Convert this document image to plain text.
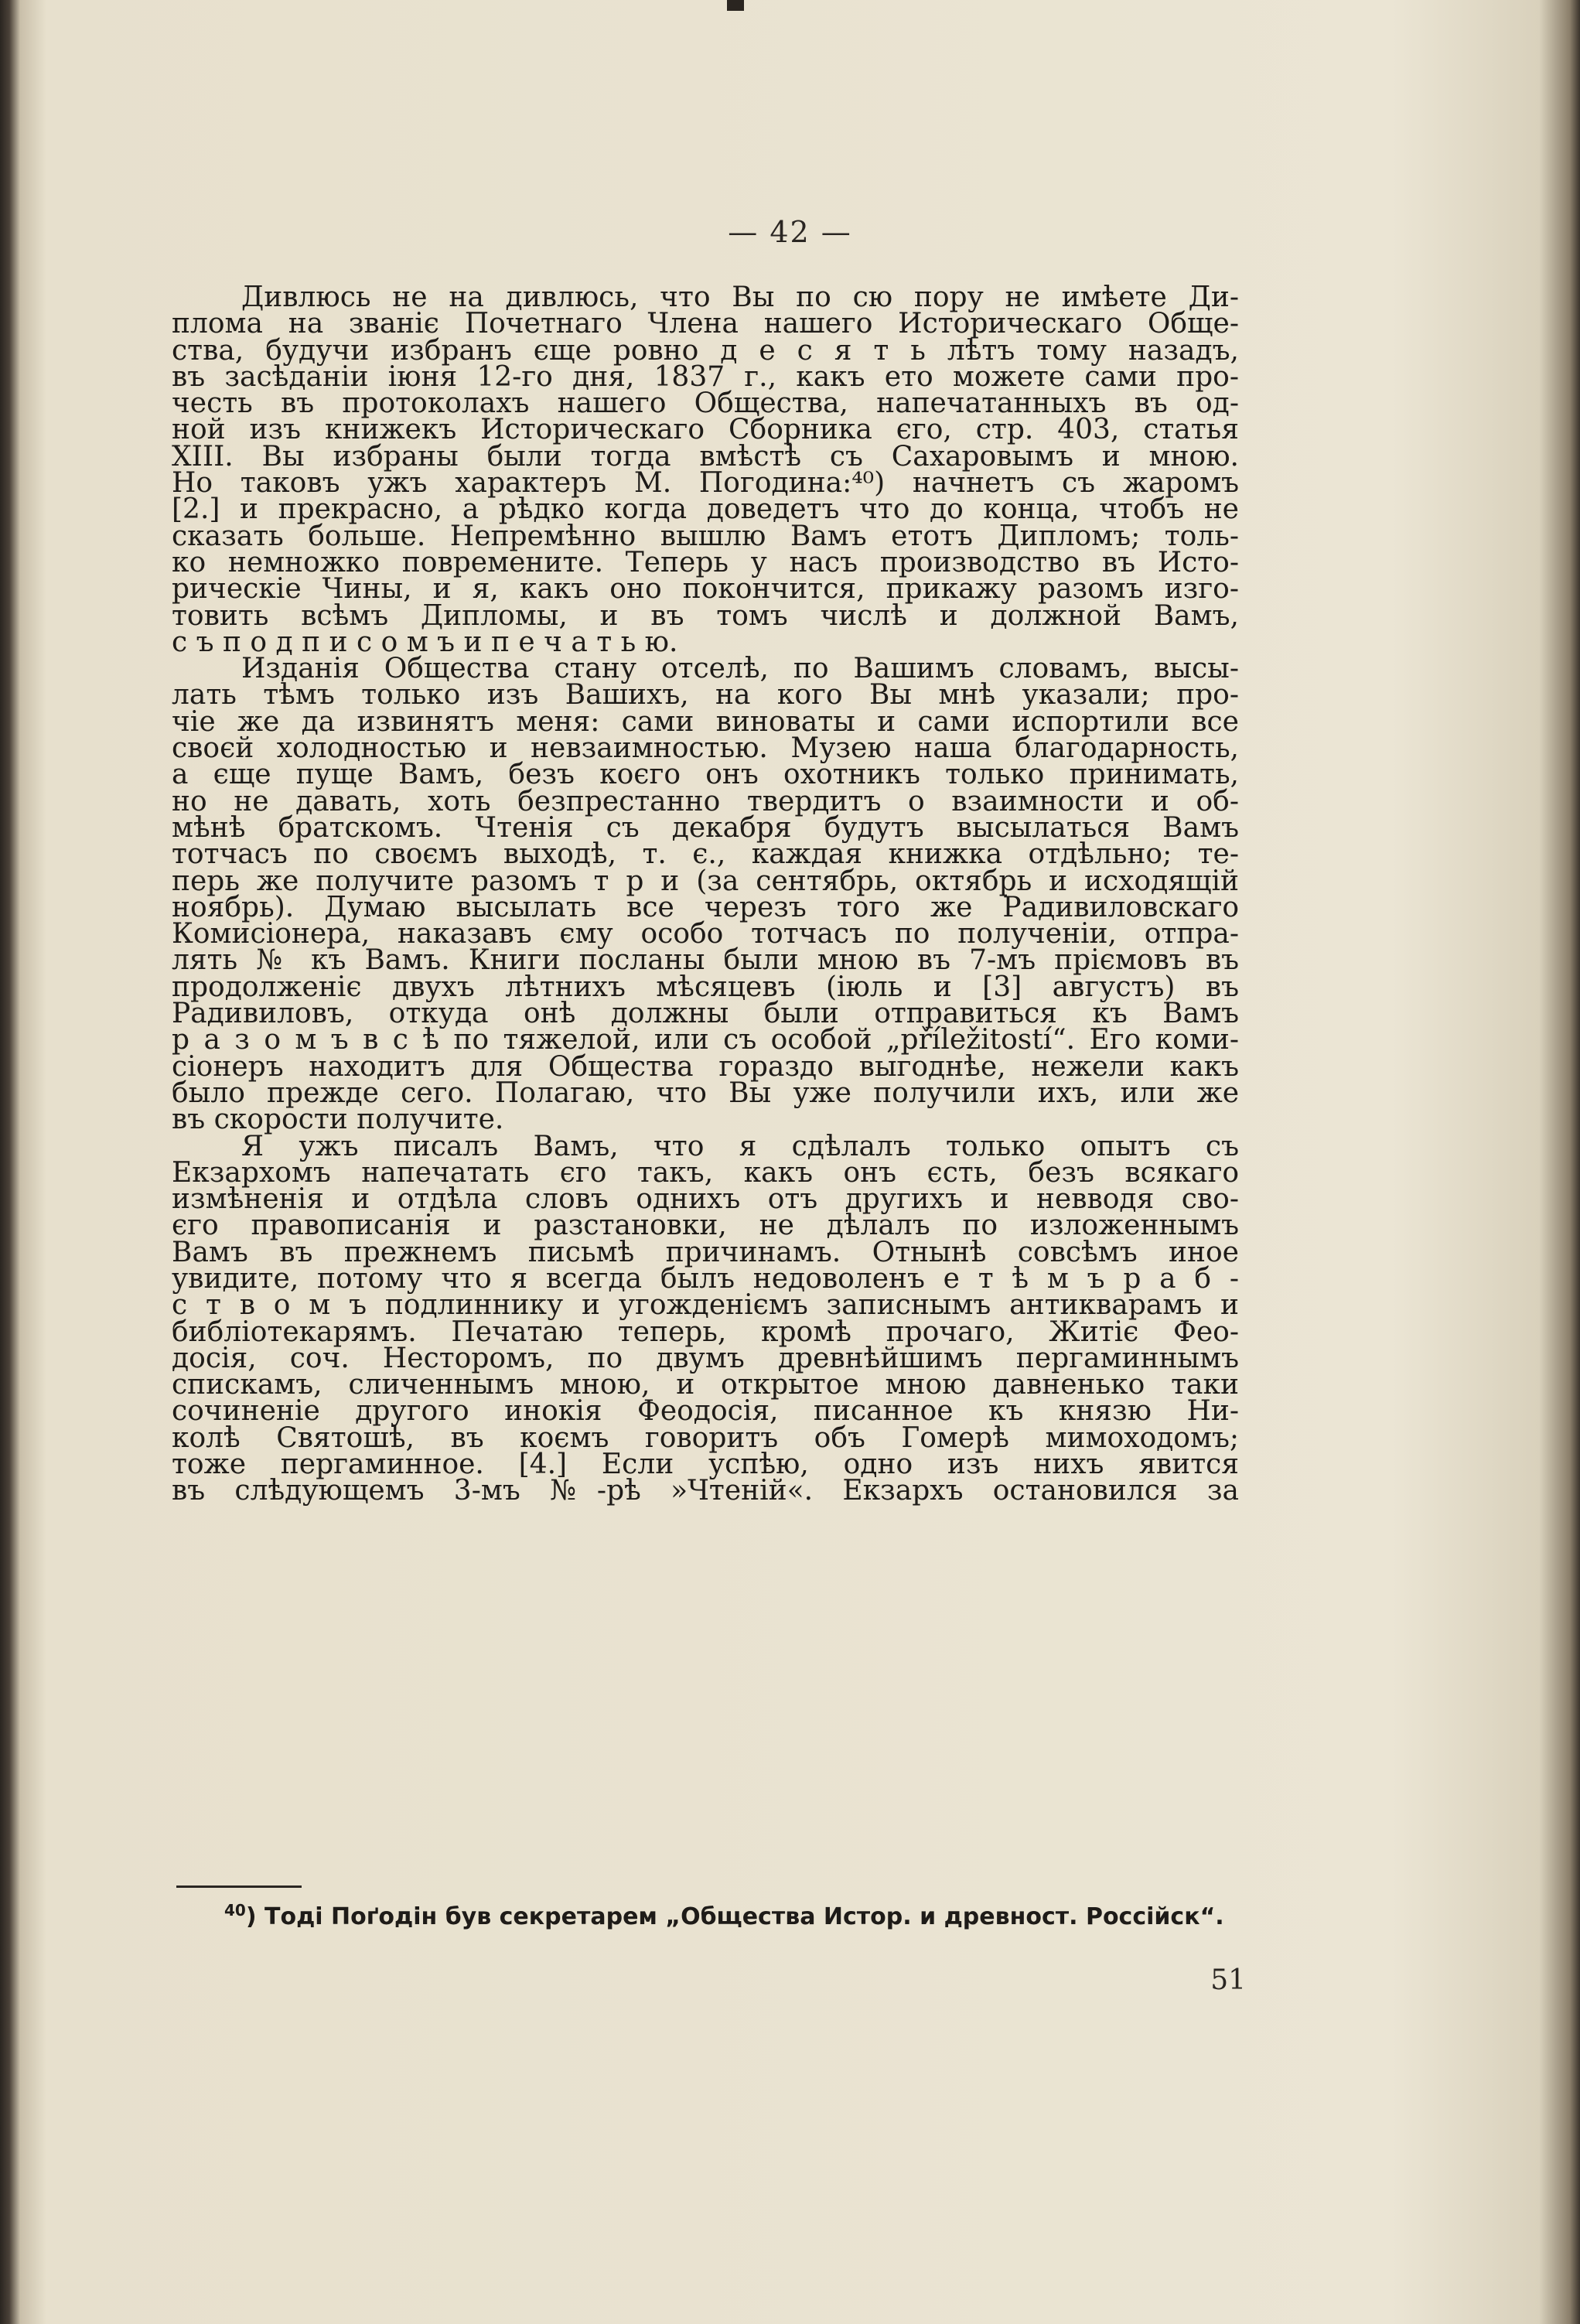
— 42 —
Дивлюсь не на дивлюсь, что Вы по сю пору не имѣете Ди-
плома на званіє Почетнаго Члена нашего Историческаго Обще-
ства, будучи избранъ єще ровно д е с я т ь лѣтъ тому назадъ,
въ засѣданіи іюня 12-го дня, 1837 г., какъ ето можете сами про-
честь въ протоколахъ нашего Общества, напечатанныхъ въ од-
ной изъ книжекъ Историческаго Сборника єго, стр. 403, статья
XIII. Вы избраны были тогда вмѣстѣ съ Сахаровымъ и мною.
Но таковъ ужъ характеръ М. Погодина:⁴⁰) начнетъ съ жаромъ
[2.] и прекрасно, а рѣдко когда доведетъ что до конца, чтобъ не
сказать больше. Непремѣнно вышлю Вамъ етотъ Дипломъ; толь-
ко немножко повремените. Теперь у насъ производство въ Исто-
рическіе Чины, и я, какъ оно покончится, прикажу разомъ изго-
товить всѣмъ Дипломы, и въ томъ числѣ и должной Вамъ,
с ъ п о д п и с о м ъ и п е ч а т ь ю.
Изданія Общества стану отселѣ, по Вашимъ словамъ, высы-
лать тѣмъ только изъ Вашихъ, на кого Вы мнѣ указали; про-
чіе же да извинятъ меня: сами виноваты и сами испортили все
своєй холодностью и невзаимностью. Музею наша благодарность,
а єще пуще Вамъ, безъ коєго онъ охотникъ только принимать,
но не давать, хоть безпрестанно твердитъ о взаимности и об-
мѣнѣ братскомъ. Чтенія съ декабря будутъ высылаться Вамъ
тотчасъ по своємъ выходѣ, т. є., каждая книжка отдѣльно; те-
перь же получите разомъ т р и (за сентябрь, октябрь и исходящій
ноябрь). Думаю высылать все черезъ того же Радивиловскаго
Комисіонера, наказавъ єму особо тотчасъ по полученіи, отпра-
лять № къ Вамъ. Книги посланы были мною въ 7-мъ пріємовъ въ
продолженіє двухъ лѣтнихъ мѣсяцевъ (іюль и [3] августъ) въ
Радивиловъ, откуда онѣ должны были отправиться къ Вамъ
р а з о м ъ в с ѣ по тяжелой, или съ особой „příležitostí“. Его коми-
сіонеръ находитъ для Общества гораздо выгоднѣе, нежели какъ
было прежде сего. Полагаю, что Вы уже получили ихъ, или же
въ скорости получите.
Я ужъ писалъ Вамъ, что я сдѣлалъ только опытъ съ
Екзархомъ напечатать єго такъ, какъ онъ єсть, безъ всякаго
измѣненія и отдѣла словъ однихъ отъ другихъ и невводя сво-
єго правописанія и разстановки, не дѣлалъ по изложеннымъ
Вамъ въ прежнемъ письмѣ причинамъ. Отнынѣ совсѣмъ иное
увидите, потому что я всегда былъ недоволенъ е т ѣ м ъ р а б -
с т в о м ъ подлиннику и угожденіємъ записнымъ антикварамъ и
библіотекарямъ. Печатаю теперь, кромѣ прочаго, Житіє Фео-
досія, соч. Несторомъ, по двумъ древнѣйшимъ пергаминнымъ
спискамъ, сличеннымъ мною, и открытое мною давненько таки
сочиненіе другого инокія Феодосія, писанное къ князю Ни-
колѣ Святошѣ, въ коємъ говоритъ объ Гомерѣ мимоходомъ;
тоже пергаминное. [4.] Если успѣю, одно изъ нихъ явится
въ слѣдующемъ 3-мъ №-рѣ »Чтеній«. Екзархъ остановился за
$^{40}$) Тоді Поґодін був секретарем „Общества Истор. и древност. Россійск“.
51
